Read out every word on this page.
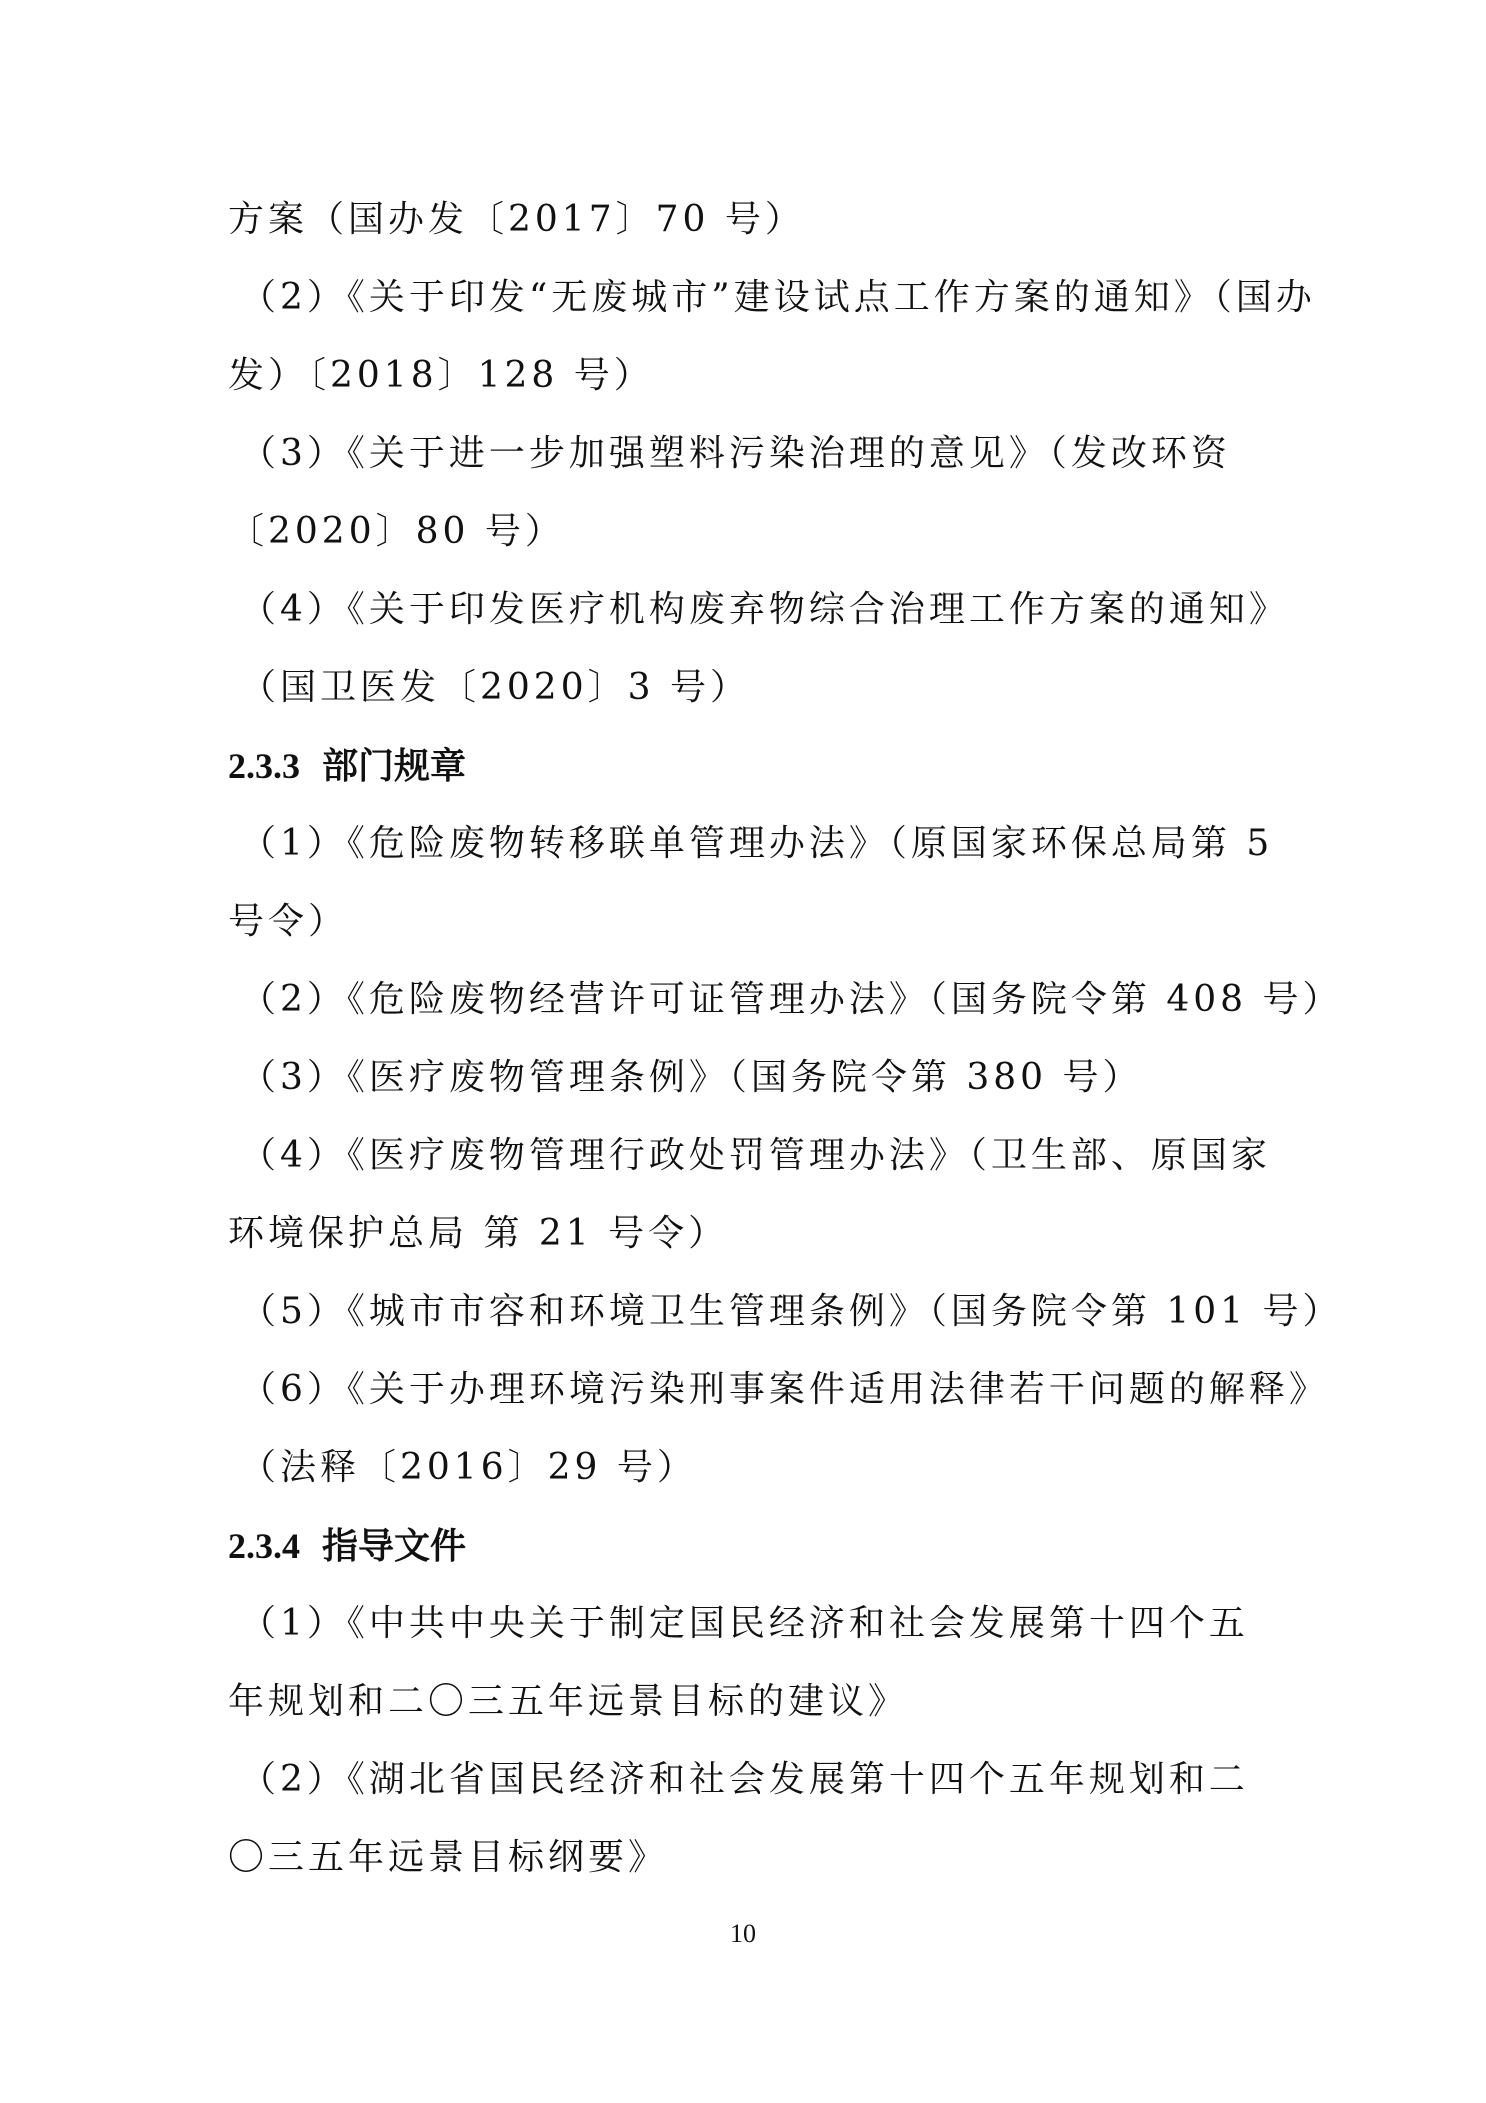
方案（国办发〔2017〕70 号）
（2）《关于印发“无废城市”建设试点工作方案的通知》（国办
发）〔2018〕128 号）
（3）《关于进一步加强塑料污染治理的意见》（发改环资
〔2020〕80 号）
（4）《关于印发医疗机构废弃物综合治理工作方案的通知》
（国卫医发〔2020〕3 号）
2.3.3 部门规章
（1）《危险废物转移联单管理办法》（原国家环保总局第 5
号令）
（2）《危险废物经营许可证管理办法》（国务院令第 408 号）
（3）《医疗废物管理条例》（国务院令第 380 号）
（4）《医疗废物管理行政处罚管理办法》（卫生部、原国家
环境保护总局 第 21 号令）
（5）《城市市容和环境卫生管理条例》（国务院令第 101 号）
（6）《关于办理环境污染刑事案件适用法律若干问题的解释》
（法释〔2016〕29 号）
2.3.4 指导文件
（1）《中共中央关于制定国民经济和社会发展第十四个五
年规划和二〇三五年远景目标的建议》
（2）《湖北省国民经济和社会发展第十四个五年规划和二
〇三五年远景目标纲要》
10
